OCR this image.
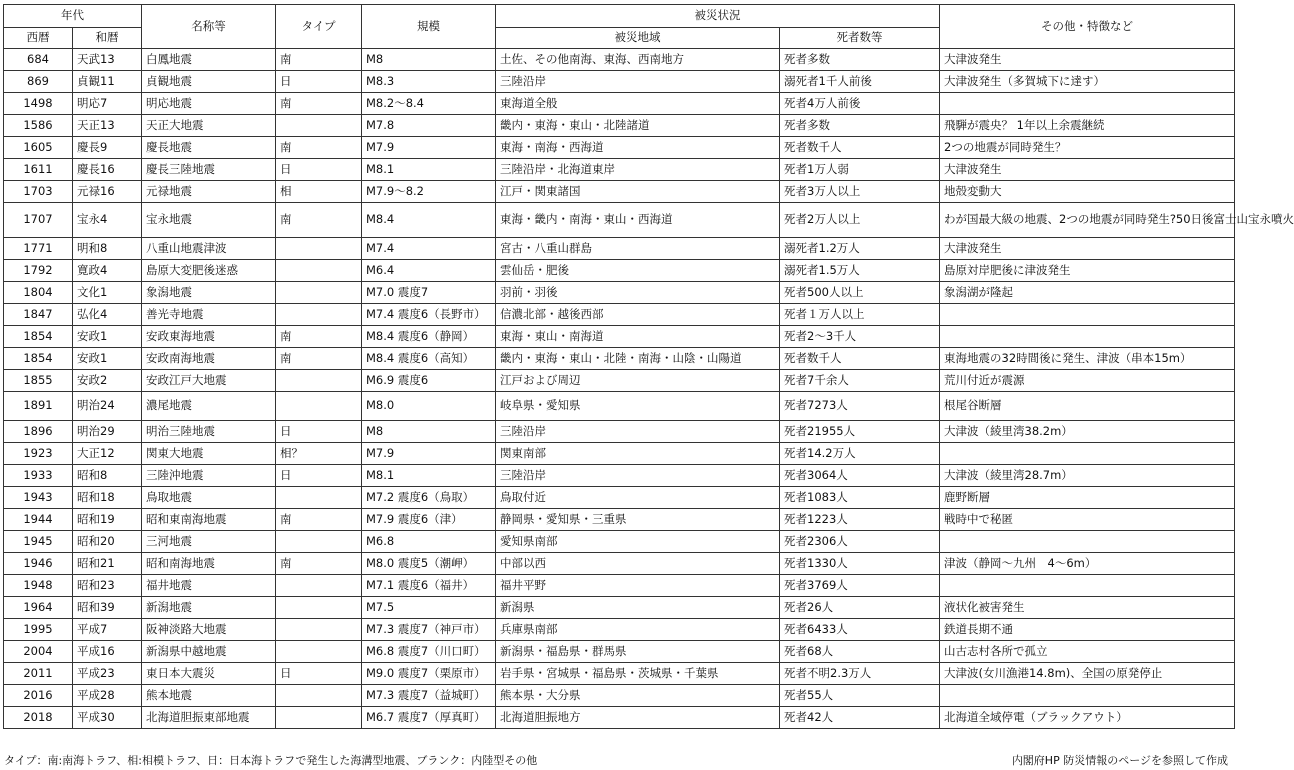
年代		名称等	タイプ	規模	被災状況		その他・特徴など
西暦	和暦				被災地域	死者数等	
684	天武13	白鳳地震	南	M8	土佐、その他南海、東海、西南地方	死者多数	大津波発生
869	貞観11	貞観地震	日	M8.3	三陸沿岸	溺死者1千人前後	大津波発生（多賀城下に達す）
1498	明応7	明応地震	南	M8.2～8.4	東海道全般	死者4万人前後	
1586	天正13	天正大地震		M7.8	畿内・東海・東山・北陸諸道	死者多数	飛騨が震央？ 1年以上余震継続
1605	慶長9	慶長地震	南	M7.9	東海・南海・西海道	死者数千人	2つの地震が同時発生？
1611	慶長16	慶長三陸地震	日	M8.1	三陸沿岸・北海道東岸	死者1万人弱	大津波発生
1703	元禄16	元禄地震	相	M7.9～8.2	江戸・関東諸国	死者3万人以上	地殻変動大
1707	宝永4	宝永地震	南	M8.4	東海・畿内・南海・東山・西海道	死者2万人以上	わが国最大級の地震、2つの地震が同時発生?50日後富士山宝永噴火
1771	明和8	八重山地震津波		M7.4	宮古・八重山群島	溺死者1.2万人	大津波発生
1792	寛政4	島原大変肥後迷惑		M6.4	雲仙岳・肥後	溺死者1.5万人	島原対岸肥後に津波発生
1804	文化1	象潟地震		M7.0 震度7	羽前・羽後	死者500人以上	象潟湖が隆起
1847	弘化4	善光寺地震		M7.4 震度6（長野市）	信濃北部・越後西部	死者１万人以上	
1854	安政1	安政東海地震	南	M8.4 震度6（静岡）	東海・東山・南海道	死者2～3千人	
1854	安政1	安政南海地震	南	M8.4 震度6（高知）	畿内・東海・東山・北陸・南海・山陰・山陽道	死者数千人	東海地震の32時間後に発生、津波（串本15m）
1855	安政2	安政江戸大地震		M6.9 震度6	江戸および周辺	死者7千余人	荒川付近が震源
1891	明治24	濃尾地震		M8.0	岐阜県・愛知県	死者7273人	根尾谷断層
1896	明治29	明治三陸地震	日	M8	三陸沿岸	死者21955人	大津波（綾里湾38.2m）
1923	大正12	関東大地震	相？	M7.9	関東南部	死者14.2万人	
1933	昭和8	三陸沖地震	日	M8.1	三陸沿岸	死者3064人	大津波（綾里湾28.7m）
1943	昭和18	鳥取地震		M7.2 震度6（鳥取）	鳥取付近	死者1083人	鹿野断層
1944	昭和19	昭和東南海地震	南	M7.9 震度6（津）	静岡県・愛知県・三重県	死者1223人	戦時中で秘匿
1945	昭和20	三河地震		M6.8	愛知県南部	死者2306人	
1946	昭和21	昭和南海地震	南	M8.0 震度5（潮岬）	中部以西	死者1330人	津波（静岡～九州　4～6m）
1948	昭和23	福井地震		M7.1 震度6（福井）	福井平野	死者3769人	
1964	昭和39	新潟地震		M7.5	新潟県	死者26人	液状化被害発生
1995	平成7	阪神淡路大地震		M7.3 震度7（神戸市）	兵庫県南部	死者6433人	鉄道長期不通
2004	平成16	新潟県中越地震		M6.8 震度7（川口町）	新潟県・福島県・群馬県	死者68人	山古志村各所で孤立
2011	平成23	東日本大震災	日	M9.0 震度7（栗原市）	岩手県・宮城県・福島県・茨城県・千葉県	死者不明2.3万人	大津波(女川漁港14.8m)、全国の原発停止
2016	平成28	熊本地震		M7.3 震度7（益城町）	熊本県・大分県	死者55人	
2018	平成30	北海道胆振東部地震		M6.7 震度7（厚真町）	北海道胆振地方	死者42人	北海道全域停電（ブラックアウト）
タイプ：南:南海トラフ、相:相模トラフ、日：日本海トラフで発生した海溝型地震、ブランク：内陸型その他	内閣府HP 防災情報のページを参照して作成
